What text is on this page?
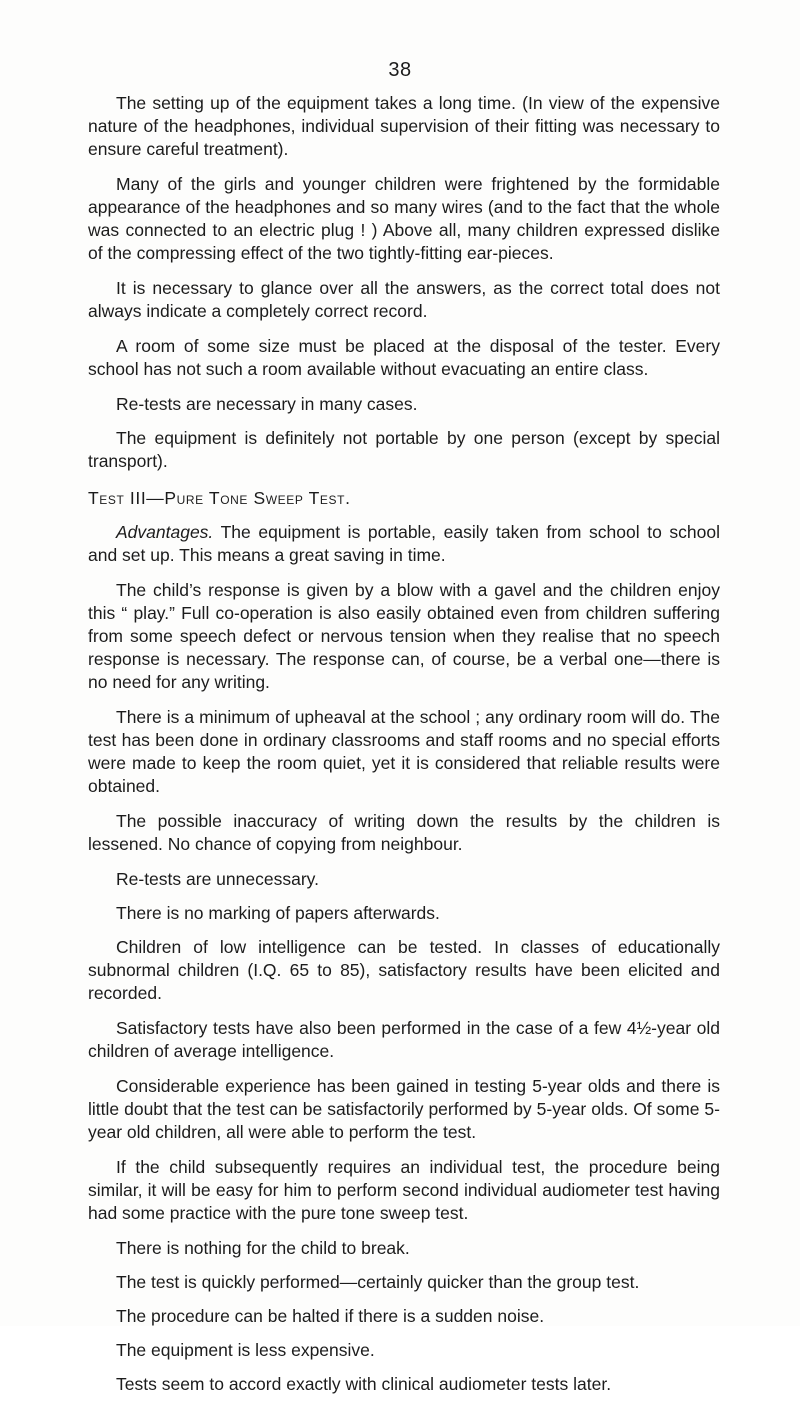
38

The setting up of the equipment takes a long time. (In view of the expensive nature of the headphones, individual supervision of their fitting was necessary to ensure careful treatment).

Many of the girls and younger children were frightened by the formidable appearance of the headphones and so many wires (and to the fact that the whole was connected to an electric plug ! ) Above all, many children expressed dislike of the compressing effect of the two tightly-fitting ear-pieces.

It is necessary to glance over all the answers, as the correct total does not always indicate a completely correct record.

A room of some size must be placed at the disposal of the tester. Every school has not such a room available without evacuating an entire class.

Re-tests are necessary in many cases.

The equipment is definitely not portable by one person (except by special transport).

Test III—Pure Tone Sweep Test.

Advantages. The equipment is portable, easily taken from school to school and set up. This means a great saving in time.

The child’s response is given by a blow with a gavel and the children enjoy this “ play.” Full co-operation is also easily obtained even from children suffering from some speech defect or nervous tension when they realise that no speech response is necessary. The response can, of course, be a verbal one—there is no need for any writing.

There is a minimum of upheaval at the school ; any ordinary room will do. The test has been done in ordinary classrooms and staff rooms and no special efforts were made to keep the room quiet, yet it is considered that reliable results were obtained.

The possible inaccuracy of writing down the results by the children is lessened. No chance of copying from neighbour.

Re-tests are unnecessary.

There is no marking of papers afterwards.

Children of low intelligence can be tested. In classes of educationally subnormal children (I.Q. 65 to 85), satisfactory results have been elicited and recorded.

Satisfactory tests have also been performed in the case of a few 4½-year old children of average intelligence.

Considerable experience has been gained in testing 5-year olds and there is little doubt that the test can be satisfactorily performed by 5-year olds. Of some 5-year old children, all were able to perform the test.

If the child subsequently requires an individual test, the procedure being similar, it will be easy for him to perform second individual audiometer test having had some practice with the pure tone sweep test.

There is nothing for the child to break.

The test is quickly performed—certainly quicker than the group test.

The procedure can be halted if there is a sudden noise.

The equipment is less expensive.

Tests seem to accord exactly with clinical audiometer tests later.
